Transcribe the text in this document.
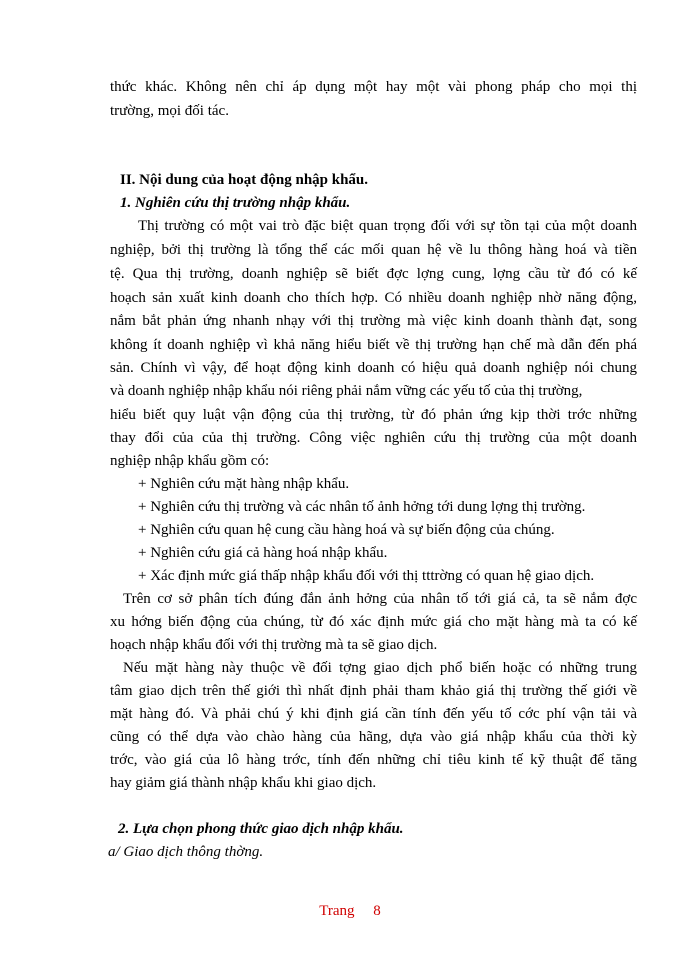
thức khác. Không nên chỉ áp dụng một hay một vài phong pháp cho mọi thị
trường, mọi đối tác.
II. Nội dung của hoạt động nhập khẩu.
1. Nghiên cứu thị trường nhập khẩu.
Thị trường có một vai trò đặc biệt quan trọng đối với sự tồn tại của một doanh
nghiệp, bởi thị trường là tổng thể các mối quan hệ về lu thông hàng hoá và tiền
tệ. Qua thị trường, doanh nghiệp sẽ biết đợc lợng cung, lợng cầu từ đó có kế
hoạch sản xuất kinh doanh cho thích hợp. Có nhiều doanh nghiệp nhờ năng động,
nắm bắt phản ứng nhanh nhạy với thị trường mà việc kinh doanh thành đạt, song
không ít doanh nghiệp vì khả năng hiểu biết về thị trường hạn chế mà dẫn đến phá
sản. Chính vì vậy, để hoạt động kinh doanh có hiệu quả doanh nghiệp nói chung
và doanh nghiệp nhập khẩu nói riêng phải nắm vững các yếu tố của thị trường,
hiểu biết quy luật vận động của thị trường, từ đó phản ứng kịp thời trớc những
thay đổi của của thị trường. Công việc nghiên cứu thị trường của một doanh
nghiệp nhập khẩu gồm có:
+ Nghiên cứu mặt hàng nhập khẩu.
+ Nghiên cứu thị trường và các nhân tố ảnh hởng tới dung lợng thị trường.
+ Nghiên cứu quan hệ cung cầu hàng hoá và sự biến động của chúng.
+ Nghiên cứu giá cả hàng hoá nhập khẩu.
+ Xác định mức giá thấp nhập khẩu đối với thị tttrờng có quan hệ giao dịch.
Trên cơ sở phân tích đúng đắn ảnh hởng của nhân tố tới giá cả, ta sẽ nắm đợc
xu hớng biến động của chúng, từ đó xác định mức giá cho mặt hàng mà ta có kế
hoạch nhập khẩu đối với thị trường mà ta sẽ giao dịch.
Nếu mặt hàng này thuộc về đối tợng giao dịch phổ biến hoặc có những trung
tâm giao dịch trên thế giới thì nhất định phải tham khảo giá thị trường thế giới về
mặt hàng đó. Và phải chú ý khi định giá cần tính đến yếu tố cớc phí vận tải và
cũng có thể dựa vào chào hàng của hãng, dựa vào giá nhập khẩu của thời kỳ
trớc, vào giá của lô hàng trớc, tính đến những chỉ tiêu kinh tế kỹ thuật để tăng
hay giảm giá thành nhập khẩu khi giao dịch.
2. Lựa chọn phong thức giao dịch nhập khẩu.
a/ Giao dịch thông thờng.
Trang     8
